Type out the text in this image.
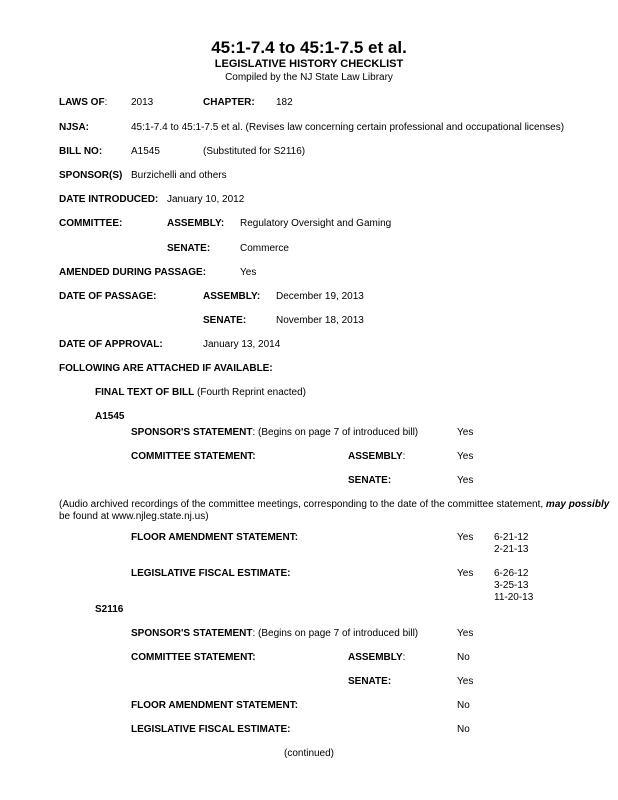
45:1-7.4 to 45:1-7.5 et al.
LEGISLATIVE HISTORY CHECKLIST
Compiled by the NJ State Law Library
LAWS OF: 2013	CHAPTER: 182
NJSA:	45:1-7.4 to 45:1-7.5 et al. (Revises law concerning certain professional and occupational licenses)
BILL NO:	A1545	(Substituted for S2116)
SPONSOR(S) Burzichelli and others
DATE INTRODUCED: January 10, 2012
COMMITTEE:	ASSEMBLY: Regulatory Oversight and Gaming
SENATE:	Commerce
AMENDED DURING PASSAGE:	Yes
DATE OF PASSAGE:	ASSEMBLY: December 19, 2013
SENATE:	November 18, 2013
DATE OF APPROVAL:	January 13, 2014
FOLLOWING ARE ATTACHED IF AVAILABLE:
FINAL TEXT OF BILL (Fourth Reprint enacted)
A1545
SPONSOR'S STATEMENT: (Begins on page 7 of introduced bill)	Yes
COMMITTEE STATEMENT:	ASSEMBLY:	Yes
SENATE:	Yes
(Audio archived recordings of the committee meetings, corresponding to the date of the committee statement, may possibly
be found at www.njleg.state.nj.us)
FLOOR AMENDMENT STATEMENT:	Yes 6-21-12
2-21-13
LEGISLATIVE FISCAL ESTIMATE:	Yes 6-26-12
3-25-13
11-20-13
S2116
SPONSOR'S STATEMENT: (Begins on page 7 of introduced bill)	Yes
COMMITTEE STATEMENT:	ASSEMBLY:	No
SENATE:	Yes
FLOOR AMENDMENT STATEMENT:	No
LEGISLATIVE FISCAL ESTIMATE:	No
(continued)
